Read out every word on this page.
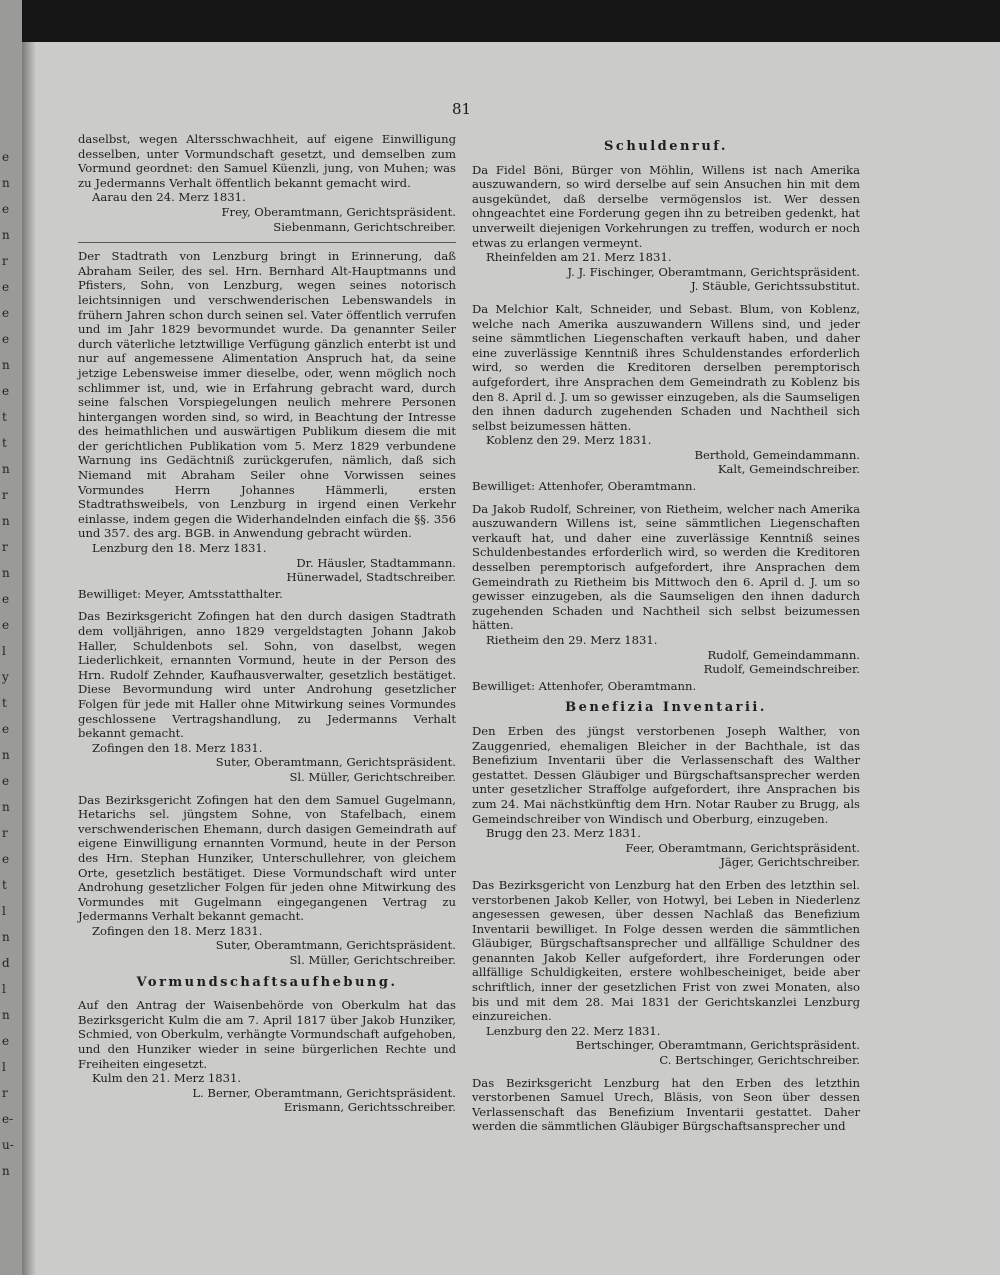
e
n
e
n
r
e
e
e
n
e
t
t
n
r
n
r
n
e
e
l
y
t
e
n
e
n
r
e
t
l
n
d
l
n
e
l
r
e-
u-
n
81

daselbst, wegen Altersschwachheit, auf eigene Einwilligung desselben, unter Vormundschaft gesetzt, und demselben zum Vormund geordnet: den Samuel Küenzli, jung, von Muhen; was zu Jedermanns Verhalt öffentlich bekannt gemacht wird.

Aarau den 24. Merz 1831.

Frey, Oberamtmann, Gerichtspräsident.

Siebenmann, Gerichtschreiber.

Der Stadtrath von Lenzburg bringt in Erinnerung, daß Abraham Seiler, des sel. Hrn. Bernhard Alt-Hauptmanns und Pfisters, Sohn, von Lenzburg, wegen seines notorisch leichtsinnigen und verschwenderischen Lebenswandels in frühern Jahren schon durch seinen sel. Vater öffentlich verrufen und im Jahr 1829 bevormundet wurde. Da genannter Seiler durch väterliche letztwillige Verfügung gänzlich enterbt ist und nur auf angemessene Alimentation Anspruch hat, da seine jetzige Lebensweise immer dieselbe, oder, wenn möglich noch schlimmer ist, und, wie in Erfahrung gebracht ward, durch seine falschen Vorspiegelungen neulich mehrere Personen hintergangen worden sind, so wird, in Beachtung der Intresse des heimathlichen und auswärtigen Publikum diesem die mit der gerichtlichen Publikation vom 5. Merz 1829 verbundene Warnung ins Gedächtniß zurückgerufen, nämlich, daß sich Niemand mit Abraham Seiler ohne Vorwissen seines Vormundes Herrn Johannes Hämmerli, ersten Stadtrathsweibels, von Lenzburg in irgend einen Verkehr einlasse, indem gegen die Widerhandelnden einfach die §§. 356 und 357. des arg. BGB. in Anwendung gebracht würden.

Lenzburg den 18. Merz 1831.

Dr. Häusler, Stadtammann.

Hünerwadel, Stadtschreiber.

Bewilliget: Meyer, Amtsstatthalter.

Das Bezirksgericht Zofingen hat den durch dasigen Stadtrath dem volljährigen, anno 1829 vergeldstagten Johann Jakob Haller, Schuldenbots sel. Sohn, von daselbst, wegen Liederlichkeit, ernannten Vormund, heute in der Person des Hrn. Rudolf Zehnder, Kaufhausverwalter, gesetzlich bestätiget. Diese Bevormundung wird unter Androhung gesetzlicher Folgen für jede mit Haller ohne Mitwirkung seines Vormundes geschlossene Vertragshandlung, zu Jedermanns Verhalt bekannt gemacht.

Zofingen den 18. Merz 1831.

Suter, Oberamtmann, Gerichtspräsident.

Sl. Müller, Gerichtschreiber.

Das Bezirksgericht Zofingen hat den dem Samuel Gugelmann, Hetarichs sel. jüngstem Sohne, von Stafelbach, einem verschwenderischen Ehemann, durch dasigen Gemeindrath auf eigene Einwilligung ernannten Vormund, heute in der Person des Hrn. Stephan Hunziker, Unterschullehrer, von gleichem Orte, gesetzlich bestätiget. Diese Vormundschaft wird unter Androhung gesetzlicher Folgen für jeden ohne Mitwirkung des Vormundes mit Gugelmann eingegangenen Vertrag zu Jedermanns Verhalt bekannt gemacht.

Zofingen den 18. Merz 1831.

Suter, Oberamtmann, Gerichtspräsident.

Sl. Müller, Gerichtschreiber.

Vormundschaftsaufhebung.

Auf den Antrag der Waisenbehörde von Oberkulm hat das Bezirksgericht Kulm die am 7. April 1817 über Jakob Hunziker, Schmied, von Oberkulm, verhängte Vormundschaft aufgehoben, und den Hunziker wieder in seine bürgerlichen Rechte und Freiheiten eingesetzt.

Kulm den 21. Merz 1831.

L. Berner, Oberamtmann, Gerichtspräsident.

Erismann, Gerichtsschreiber.

Schuldenruf.

Da Fidel Böni, Bürger von Möhlin, Willens ist nach Amerika auszuwandern, so wird derselbe auf sein Ansuchen hin mit dem ausgekündet, daß derselbe vermögenslos ist. Wer dessen ohngeachtet eine Forderung gegen ihn zu betreiben gedenkt, hat unverweilt diejenigen Vorkehrungen zu treffen, wodurch er noch etwas zu erlangen vermeynt.

Rheinfelden am 21. Merz 1831.

J. J. Fischinger, Oberamtmann, Gerichtspräsident.

J. Stäuble, Gerichtssubstitut.

Da Melchior Kalt, Schneider, und Sebast. Blum, von Koblenz, welche nach Amerika auszuwandern Willens sind, und jeder seine sämmtlichen Liegenschaften verkauft haben, und daher eine zuverlässige Kenntniß ihres Schuldenstandes erforderlich wird, so werden die Kreditoren derselben peremptorisch aufgefordert, ihre Ansprachen dem Gemeindrath zu Koblenz bis den 8. April d. J. um so gewisser einzugeben, als die Saumseligen den ihnen dadurch zugehenden Schaden und Nachtheil sich selbst beizumessen hätten.

Koblenz den 29. Merz 1831.

Berthold, Gemeindammann.

Kalt, Gemeindschreiber.

Bewilliget: Attenhofer, Oberamtmann.

Da Jakob Rudolf, Schreiner, von Rietheim, welcher nach Amerika auszuwandern Willens ist, seine sämmtlichen Liegenschaften verkauft hat, und daher eine zuverlässige Kenntniß seines Schuldenbestandes erforderlich wird, so werden die Kreditoren desselben peremptorisch aufgefordert, ihre Ansprachen dem Gemeindrath zu Rietheim bis Mittwoch den 6. April d. J. um so gewisser einzugeben, als die Saumseligen den ihnen dadurch zugehenden Schaden und Nachtheil sich selbst beizumessen hätten.

Rietheim den 29. Merz 1831.

Rudolf, Gemeindammann.

Rudolf, Gemeindschreiber.

Bewilliget: Attenhofer, Oberamtmann.

Benefizia Inventarii.

Den Erben des jüngst verstorbenen Joseph Walther, von Zauggenried, ehemaligen Bleicher in der Bachthale, ist das Benefizium Inventarii über die Verlassenschaft des Walther gestattet. Dessen Gläubiger und Bürgschaftsansprecher werden unter gesetzlicher Straffolge aufgefordert, ihre Ansprachen bis zum 24. Mai nächstkünftig dem Hrn. Notar Rauber zu Brugg, als Gemeindschreiber von Windisch und Oberburg, einzugeben.

Brugg den 23. Merz 1831.

Feer, Oberamtmann, Gerichtspräsident.

Jäger, Gerichtschreiber.

Das Bezirksgericht von Lenzburg hat den Erben des letzthin sel. verstorbenen Jakob Keller, von Hotwyl, bei Leben in Niederlenz angesessen gewesen, über dessen Nachlaß das Benefizium Inventarii bewilliget. In Folge dessen werden die sämmtlichen Gläubiger, Bürgschaftsansprecher und allfällige Schuldner des genannten Jakob Keller aufgefordert, ihre Forderungen oder allfällige Schuldigkeiten, erstere wohlbescheiniget, beide aber schriftlich, inner der gesetzlichen Frist von zwei Monaten, also bis und mit dem 28. Mai 1831 der Gerichtskanzlei Lenzburg einzureichen.

Lenzburg den 22. Merz 1831.

Bertschinger, Oberamtmann, Gerichtspräsident.

C. Bertschinger, Gerichtschreiber.

Das Bezirksgericht Lenzburg hat den Erben des letzthin verstorbenen Samuel Urech, Bläsis, von Seon über dessen Verlassenschaft das Benefizium Inventarii gestattet. Daher werden die sämmtlichen Gläubiger Bürgschaftsansprecher und
